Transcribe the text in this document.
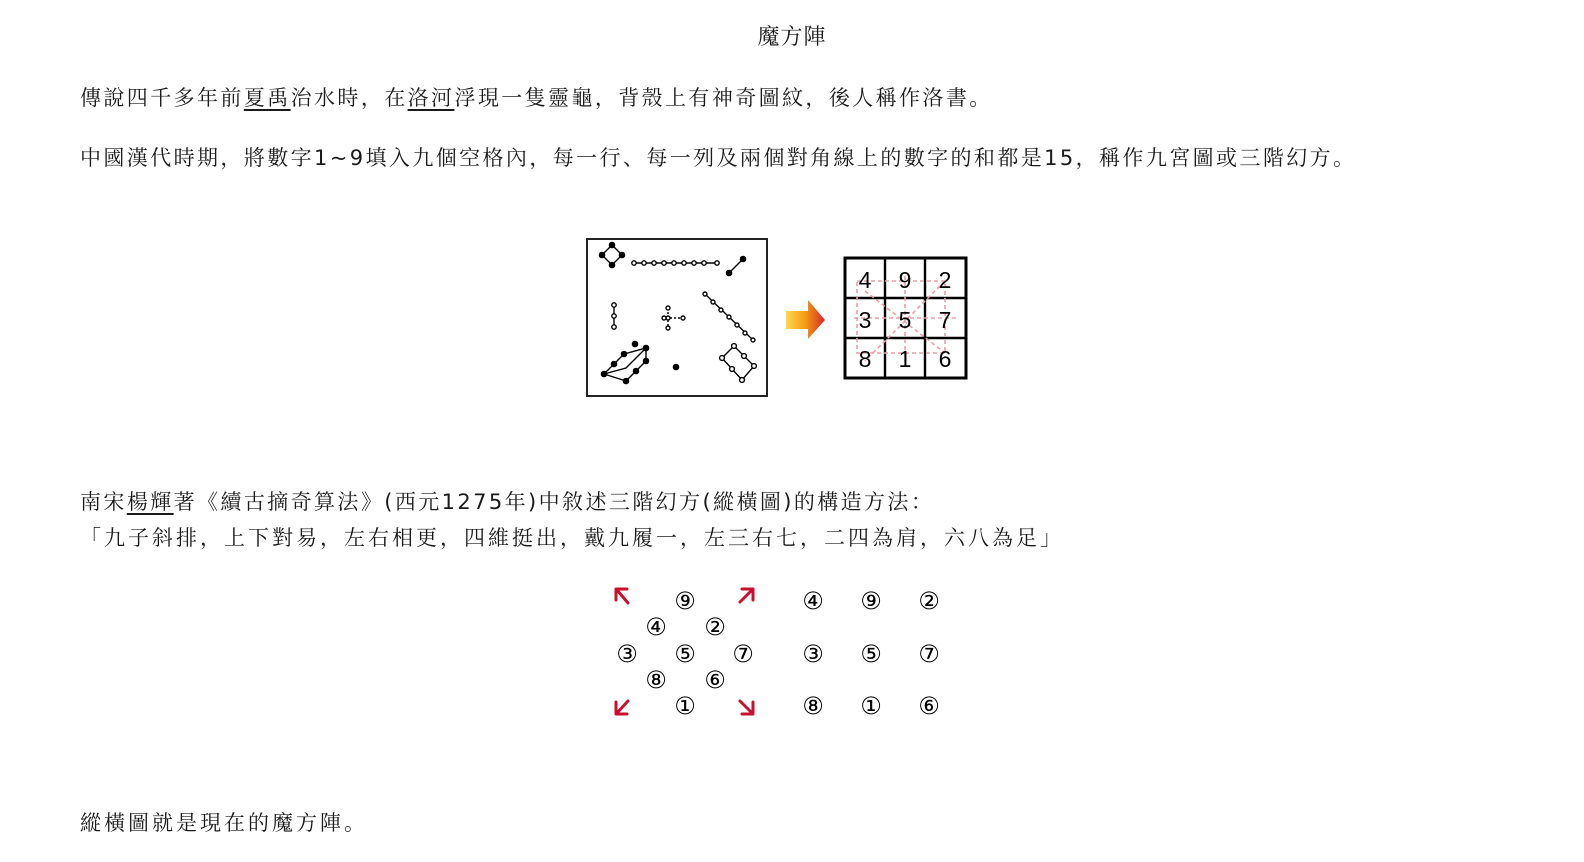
魔方陣
傳說四千多年前夏禹治水時，在洛河浮現一隻靈龜，背殼上有神奇圖紋，後人稱作洛書。
中國漢代時期，將數字1~9填入九個空格內，每一行、每一列及兩個對角線上的數字的和都是15，稱作九宮圖或三階幻方。
4 9 2
3 5 7
8 1 6
南宋楊輝著《續古摘奇算法》(西元1275年)中敘述三階幻方(縱橫圖)的構造方法：
「九子斜排，上下對易，左右相更，四維挺出，戴九履一，左三右七，二四為肩，六八為足」
⑨
④ ②
③ ⑤ ⑦
⑧ ⑥
①
④ ⑨ ②
③ ⑤ ⑦
⑧ ① ⑥
縱橫圖就是現在的魔方陣。
